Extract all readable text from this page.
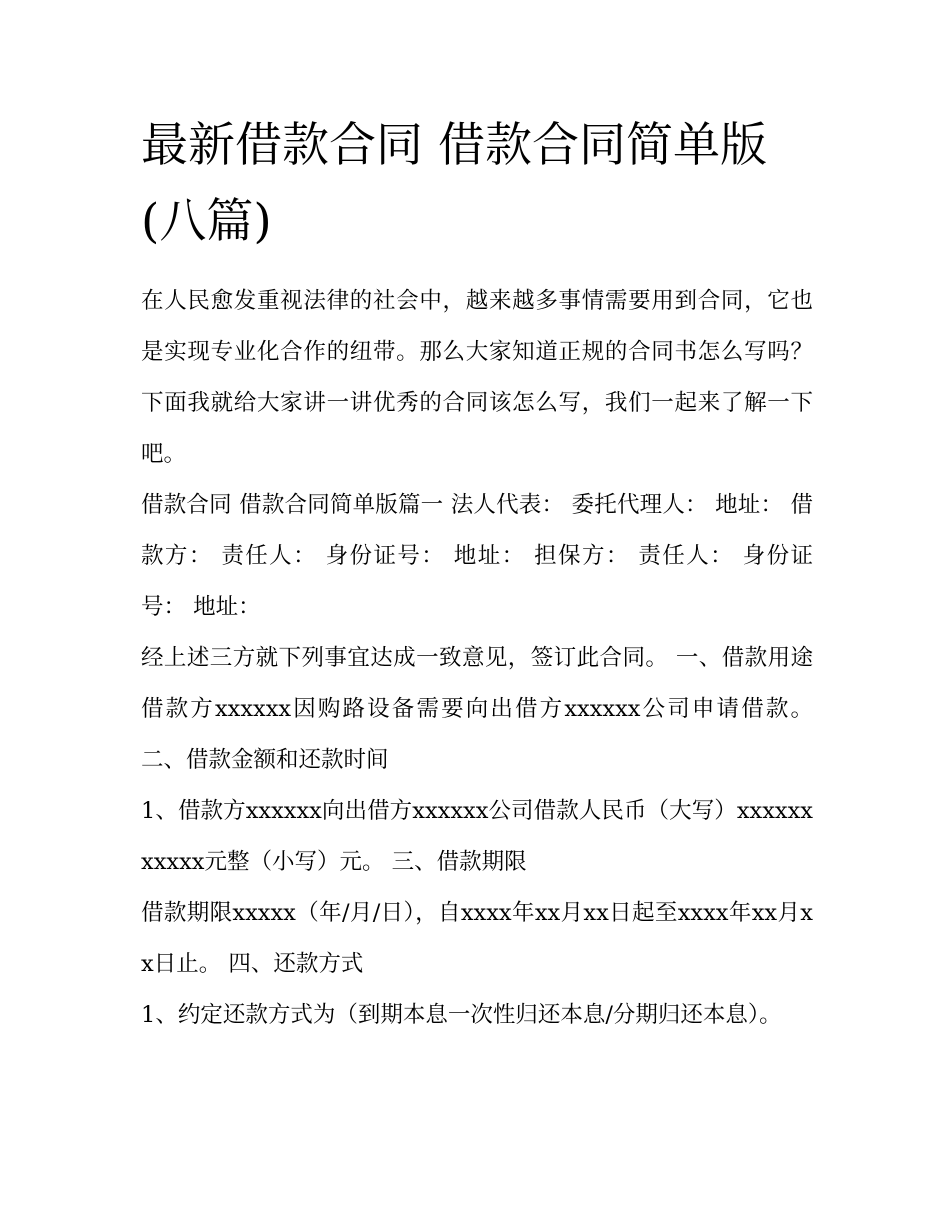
最新借款合同 借款合同简单版(八篇)

在人民愈发重视法律的社会中，越来越多事情需要用到合同，它也是实现专业化合作的纽带。那么大家知道正规的合同书怎么写吗？下面我就给大家讲一讲优秀的合同该怎么写，我们一起来了解一下吧。

借款合同 借款合同简单版篇一 法人代表： 委托代理人： 地址： 借款方： 责任人： 身份证号： 地址： 担保方： 责任人： 身份证号： 地址：

经上述三方就下列事宜达成一致意见，签订此合同。 一、借款用途 借款方xxxxxx因购路设备需要向出借方xxxxxx公司申请借款。 二、借款金额和还款时间

1、借款方xxxxxx向出借方xxxxxx公司借款人民币（大写）xxxxxxxxxxx元整（小写）元。 三、借款期限

借款期限xxxxx（年/月/日），自xxxx年xx月xx日起至xxxx年xx月xx日止。 四、还款方式

1、约定还款方式为（到期本息一次性归还本息/分期归还本息）。
